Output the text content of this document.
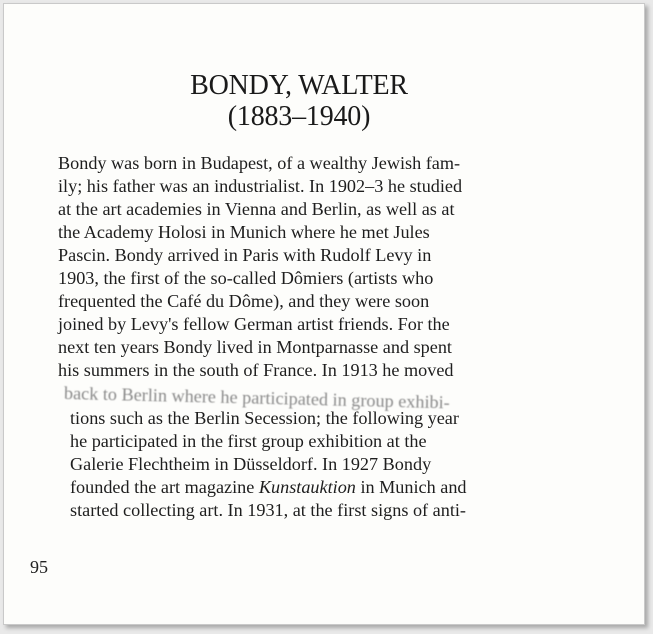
BONDY, WALTER
(1883–1940)

Bondy was born in Budapest, of a wealthy Jewish fam-

ily; his father was an industrialist. In 1902–3 he studied

at the art academies in Vienna and Berlin, as well as at

the Academy Holosi in Munich where he met Jules

Pascin. Bondy arrived in Paris with Rudolf Levy in

1903, the first of the so-called Dômiers (artists who

frequented the Café du Dôme), and they were soon

joined by Levy's fellow German artist friends. For the

next ten years Bondy lived in Montparnasse and spent

his summers in the south of France. In 1913 he moved

back to Berlin where he participated in group exhibi-

tions such as the Berlin Secession; the following year

he participated in the first group exhibition at the

Galerie Flechtheim in Düsseldorf. In 1927 Bondy

founded the art magazine Kunstauktion in Munich and

started collecting art. In 1931, at the first signs of anti-

95
